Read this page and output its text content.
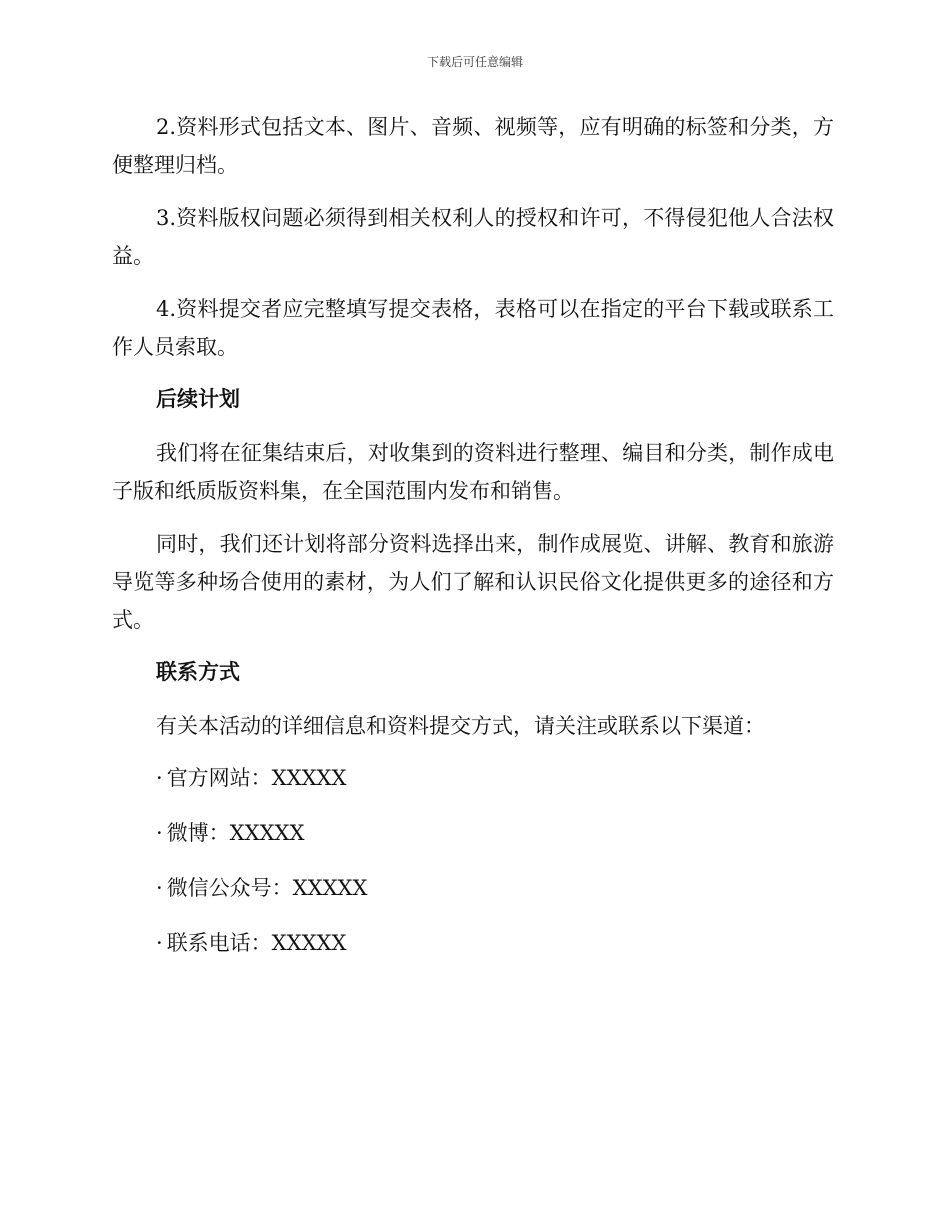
下载后可任意编辑

2.资料形式包括文本、图片、音频、视频等，应有明确的标签和分类，方便整理归档。

3.资料版权问题必须得到相关权利人的授权和许可，不得侵犯他人合法权益。

4.资料提交者应完整填写提交表格，表格可以在指定的平台下载或联系工作人员索取。

后续计划

我们将在征集结束后，对收集到的资料进行整理、编目和分类，制作成电子版和纸质版资料集，在全国范围内发布和销售。

同时，我们还计划将部分资料选择出来，制作成展览、讲解、教育和旅游导览等多种场合使用的素材，为人们了解和认识民俗文化提供更多的途径和方式。

联系方式

有关本活动的详细信息和资料提交方式，请关注或联系以下渠道：

· 官方网站：XXXXX
· 微博：XXXXX
· 微信公众号：XXXXX
· 联系电话：XXXXX
